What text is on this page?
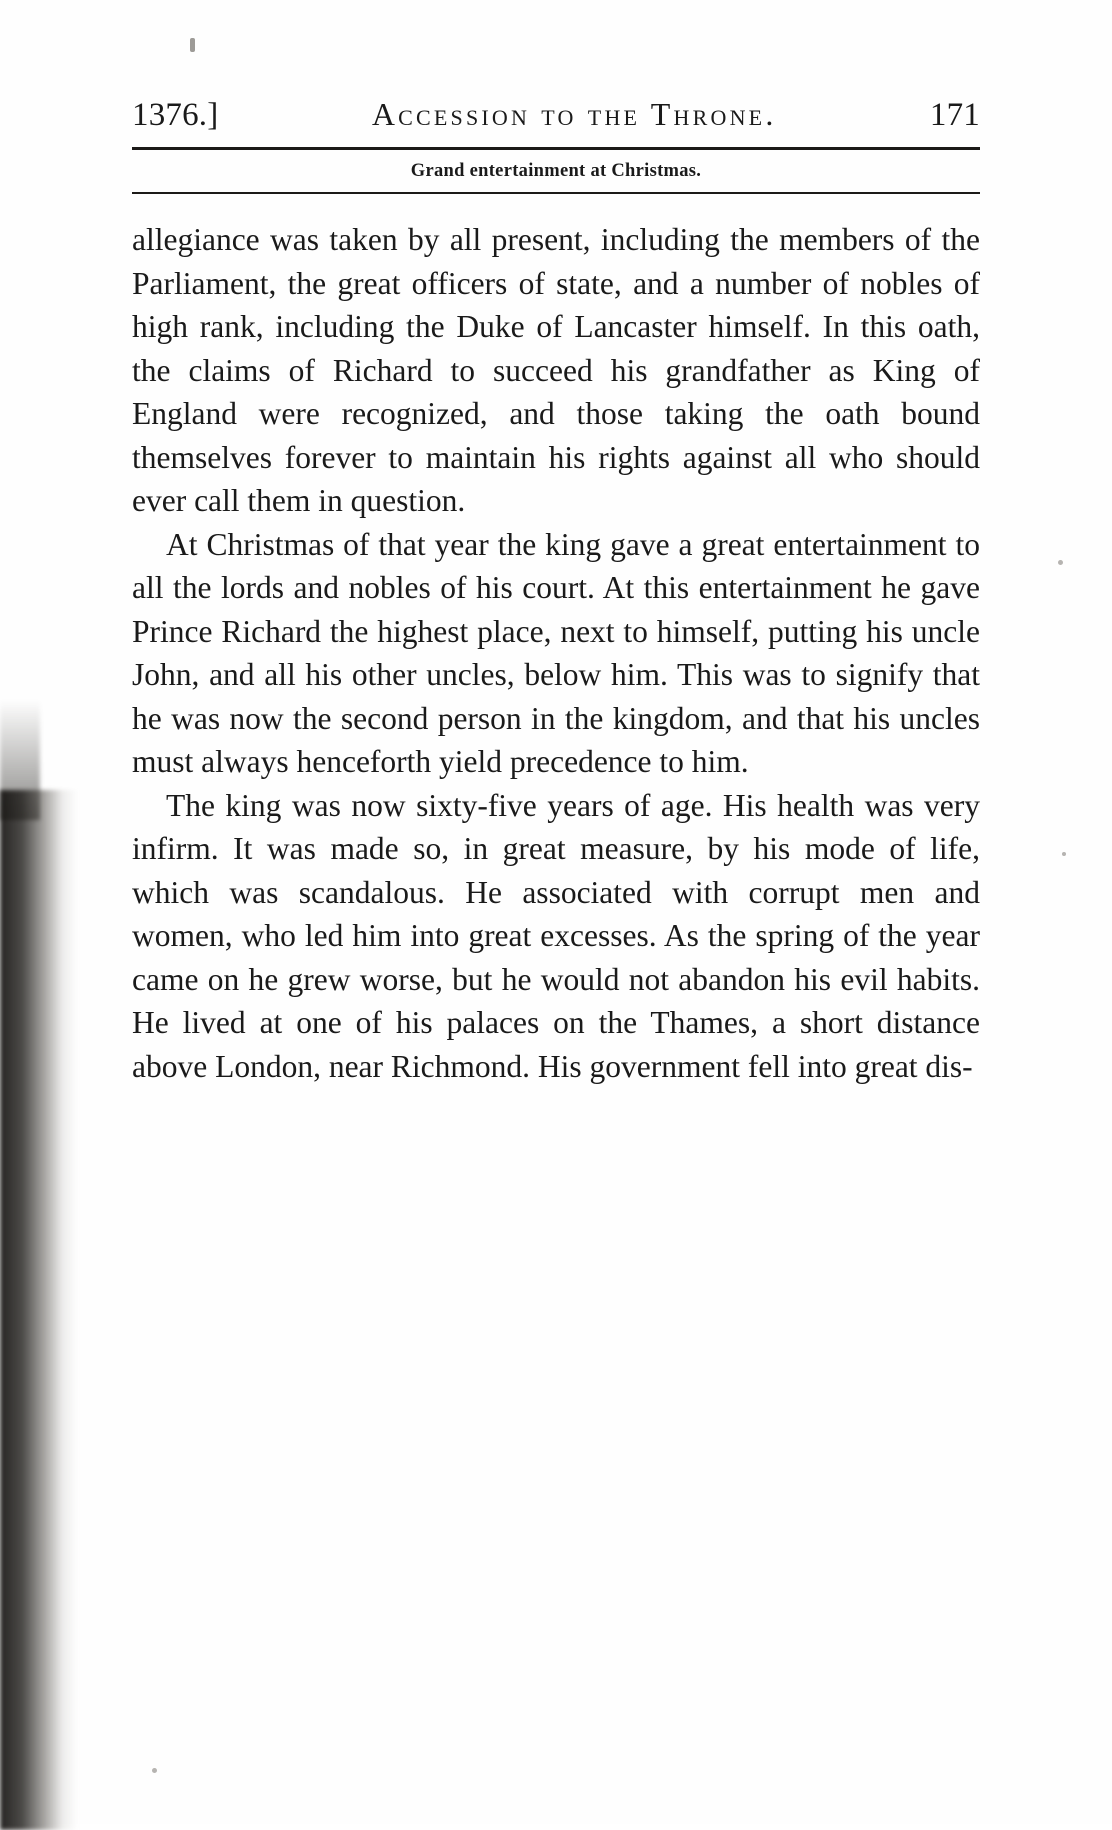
1376.]	Accession to the Throne.	171
Grand entertainment at Christmas.

allegiance was taken by all present, including the members of the Parliament, the great officers of state, and a number of nobles of high rank, including the Duke of Lancaster himself. In this oath, the claims of Richard to succeed his grandfather as King of England were recognized, and those taking the oath bound themselves forever to maintain his rights against all who should ever call them in question.

At Christmas of that year the king gave a great entertainment to all the lords and nobles of his court. At this entertainment he gave Prince Richard the highest place, next to himself, putting his uncle John, and all his other uncles, below him. This was to signify that he was now the second person in the kingdom, and that his uncles must always henceforth yield precedence to him.

The king was now sixty-five years of age. His health was very infirm. It was made so, in great measure, by his mode of life, which was scandalous. He associated with corrupt men and women, who led him into great excesses. As the spring of the year came on he grew worse, but he would not abandon his evil habits. He lived at one of his palaces on the Thames, a short distance above London, near Richmond. His government fell into great dis-
